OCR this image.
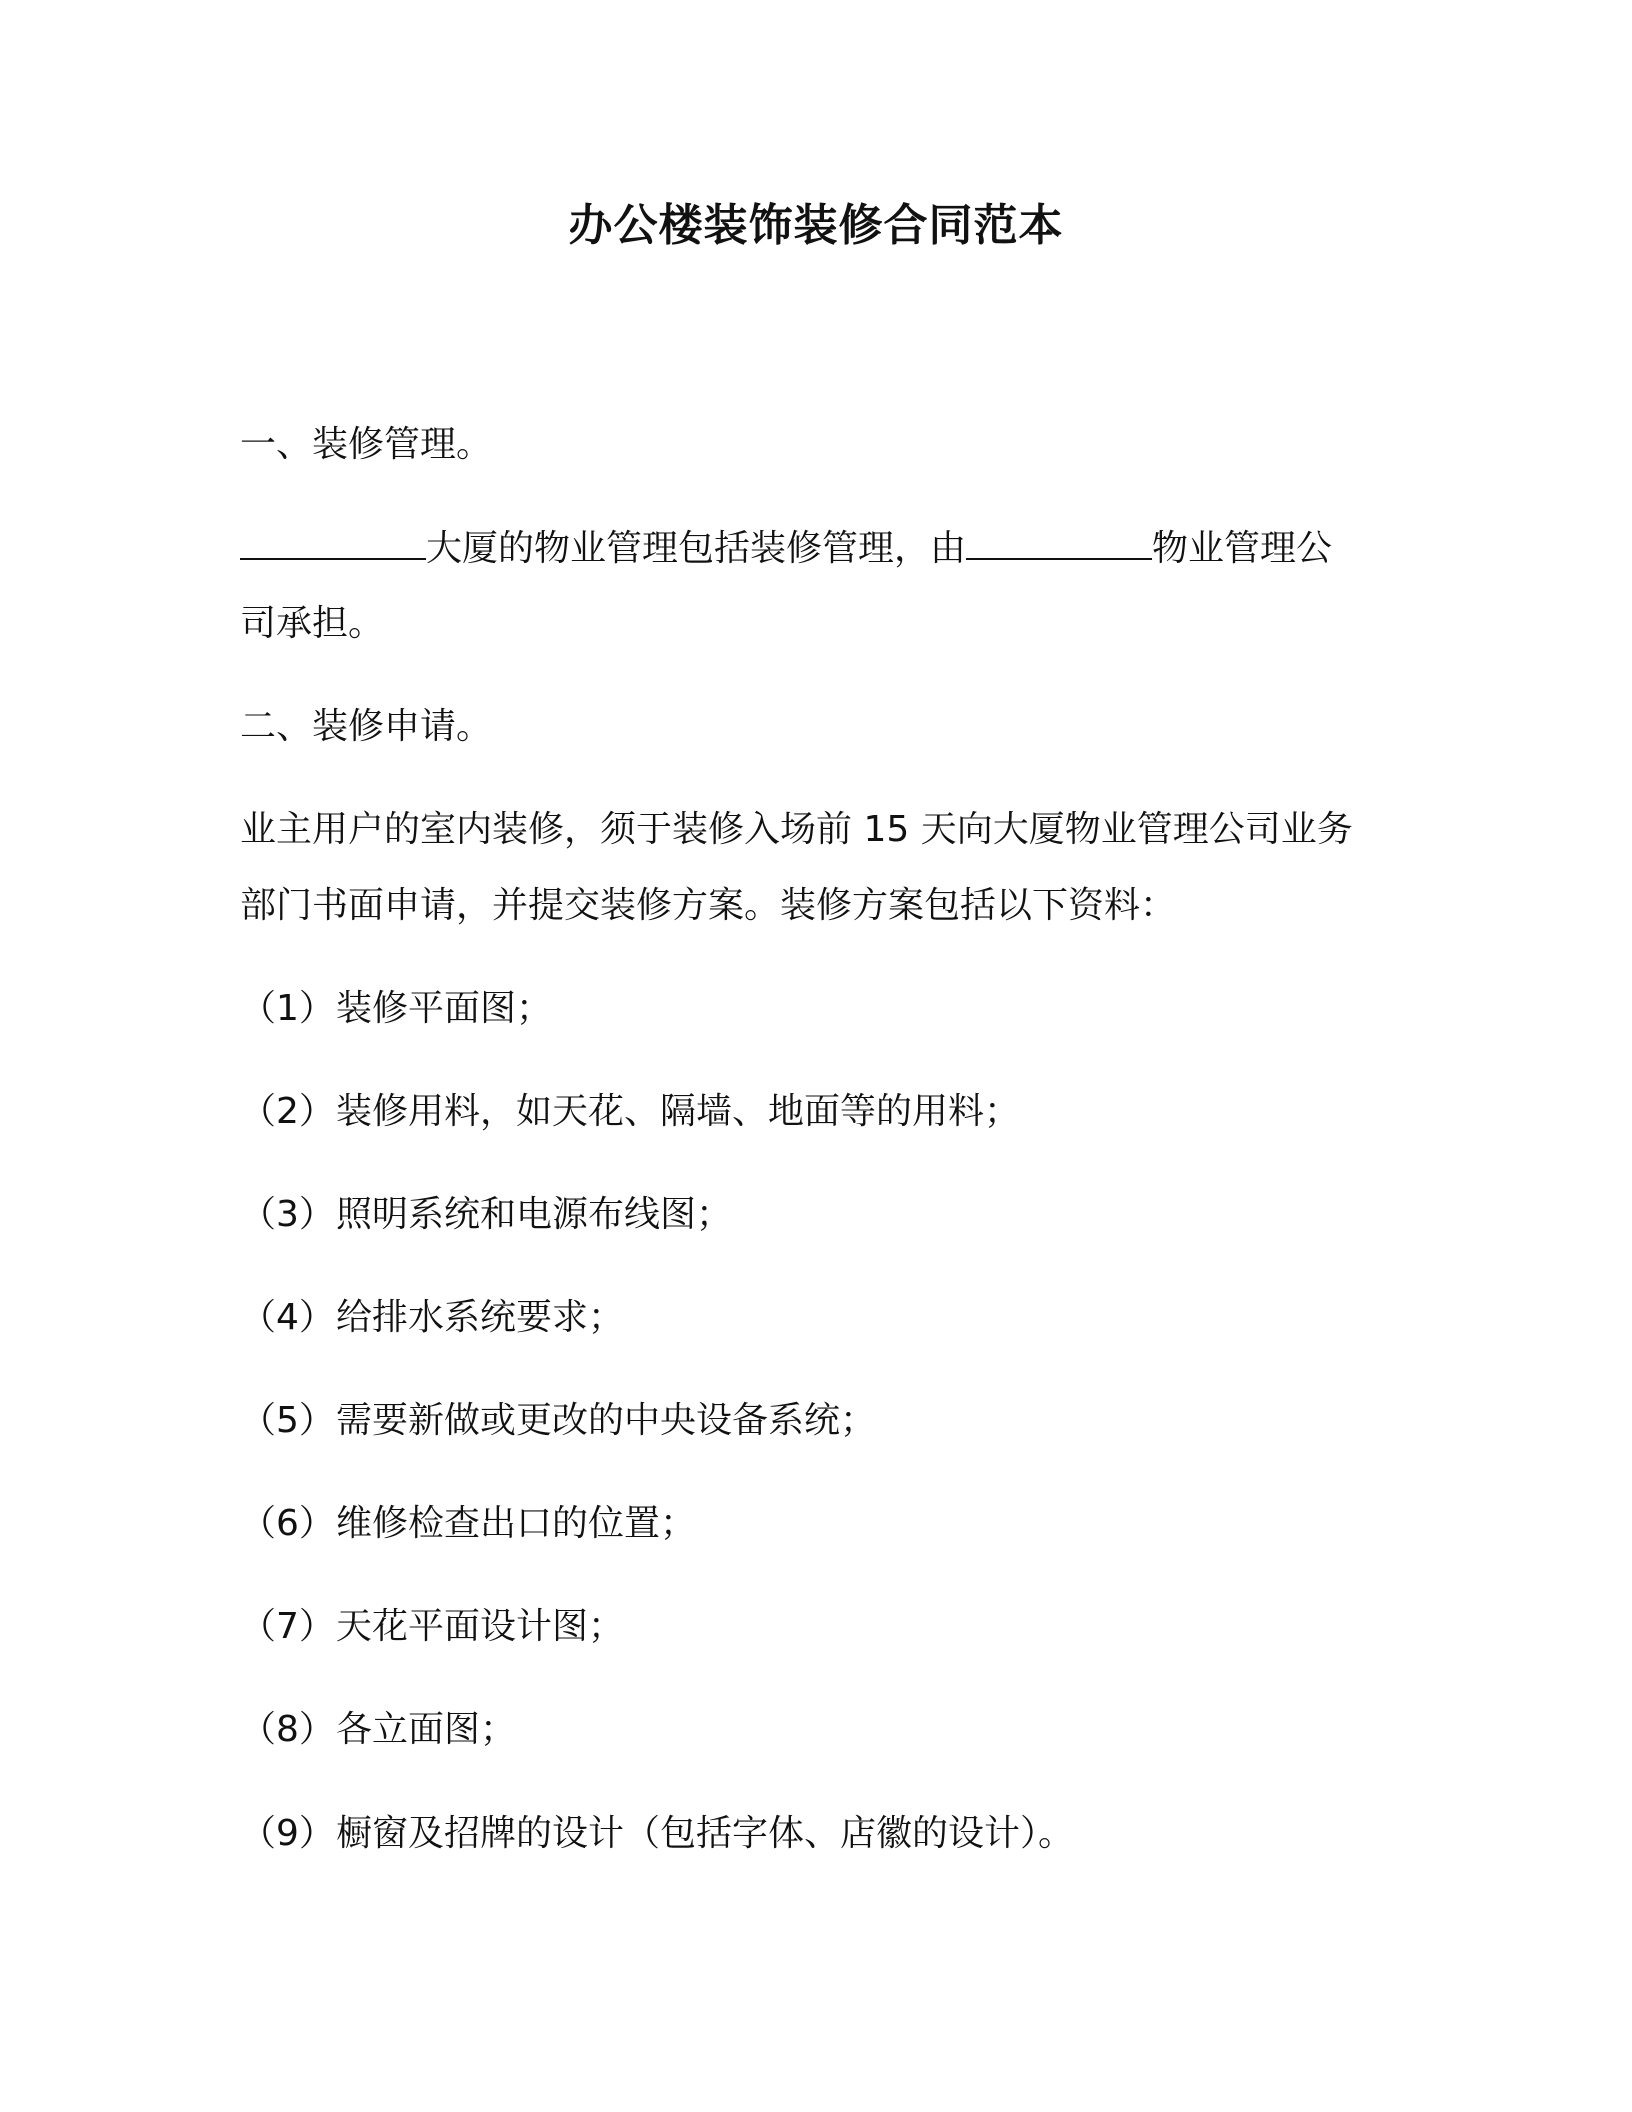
办公楼装饰装修合同范本
一、装修管理。
大厦的物业管理包括装修管理，由	物业管理公
司承担。
二、装修申请。
业主用户的室内装修，须于装修入场前 15 天向大厦物业管理公司业务
部门书面申请，并提交装修方案。装修方案包括以下资料：
（1）装修平面图；
（2）装修用料，如天花、隔墙、地面等的用料；
（3）照明系统和电源布线图；
（4）给排水系统要求；
（5）需要新做或更改的中央设备系统；
（6）维修检查出口的位置；
（7）天花平面设计图；
（8）各立面图；
（9）橱窗及招牌的设计（包括字体、店徽的设计）。
